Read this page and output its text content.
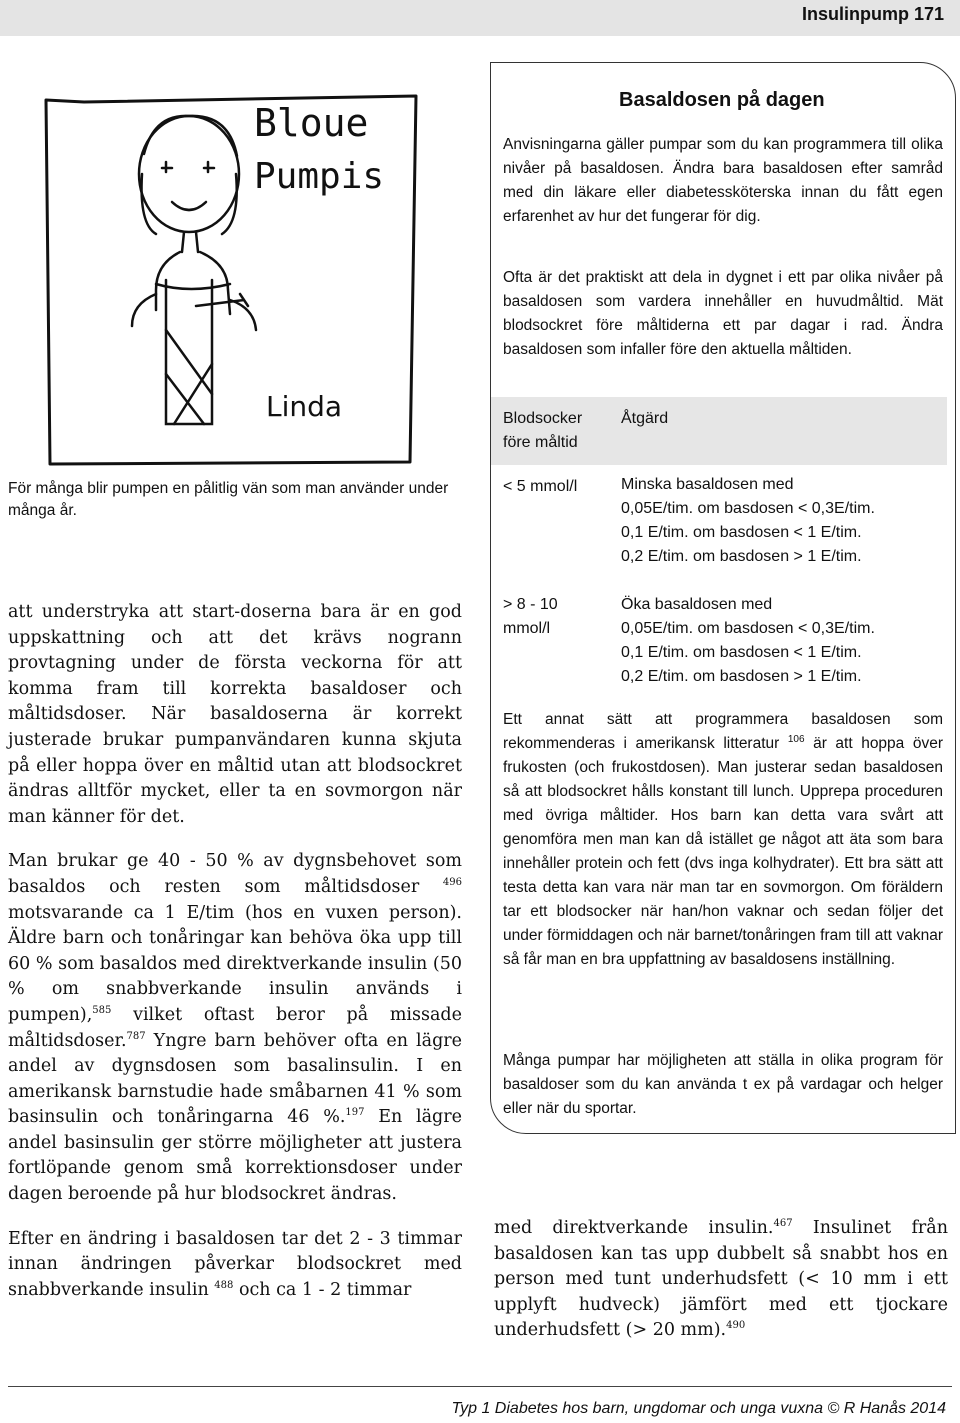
Insulinpump 171
Bloue
Pumpis
Linda
För många blir pumpen en pålitlig vän som man använder under många år.

att understryka att start-doserna bara är en god uppskattning och att det krävs nogrann provtagning under de första veckorna för att komma fram till korrekta basaldoser och måltidsdoser. När basaldoserna är korrekt justerade brukar pumpanvändaren kunna skjuta på eller hoppa över en måltid utan att blodsockret ändras alltför mycket, eller ta en sovmorgon när man känner för det.

Man brukar ge 40 - 50 % av dygnsbehovet som basaldos och resten som måltidsdoser $^{496}$ motsvarande ca 1 E/tim (hos en vuxen person). Äldre barn och tonåringar kan behöva öka upp till 60 % som basaldos med direktverkande insulin (50 % om snabbverkande insulin används i pumpen),$^{585}$ vilket oftast beror på missade måltidsdoser.$^{787}$ Yngre barn behöver ofta en lägre andel av dygnsdosen som basalinsulin. I en amerikansk barnstudie hade småbarnen 41 % som basinsulin och tonåringarna 46 %.$^{197}$ En lägre andel basinsulin ger större möjligheter att justera fortlöpande genom små korrektionsdoser under dagen beroende på hur blodsockret ändras.

Efter en ändring i basaldosen tar det 2 - 3 timmar innan ändringen påverkar blodsockret med snabbverkande insulin $^{488}$ och ca 1 - 2 timmar

Basaldosen på dagen
Anvisningarna gäller pumpar som du kan programmera till olika nivåer på basaldosen. Ändra bara basaldosen efter samråd med din läkare eller diabetessköterska innan du fått egen erfarenhet av hur det fungerar för dig.
Ofta är det praktiskt att dela in dygnet i ett par olika nivåer på basaldosen som vardera innehåller en huvudmåltid. Mät blodsockret före måltiderna ett par dagar i rad. Ändra basaldosen som infaller före den aktuella måltiden.
Blodsocker
före måltid
Åtgärd
< 5 mmol/l	Minska basaldosen med
0,05E/tim. om basdosen < 0,3E/tim.
0,1 E/tim. om basdosen < 1 E/tim.
0,2 E/tim. om basdosen > 1 E/tim.
> 8 - 10
mmol/l
Öka basaldosen med
0,05E/tim. om basdosen < 0,3E/tim.
0,1 E/tim. om basdosen < 1 E/tim.
0,2 E/tim. om basdosen > 1 E/tim.
Ett annat sätt att programmera basaldosen som rekommenderas i amerikansk litteratur $^{106}$ är att hoppa över frukosten (och frukostdosen). Man justerar sedan basaldosen så att blodsockret hålls konstant till lunch. Upprepa proceduren med övriga måltider. Hos barn kan detta vara svårt att genomföra men man kan då istället ge något att äta som bara innehåller protein och fett (dvs inga kolhydrater). Ett bra sätt att testa detta kan vara när man tar en sovmorgon. Om föräldern tar ett blodsocker när han/hon vaknar och sedan följer det under förmiddagen och när barnet/tonåringen fram till att vaknar så får man en bra uppfattning av basaldosens inställning.
Många pumpar har möjligheten att ställa in olika program för basaldoser som du kan använda t ex på vardagar och helger eller när du sportar.
med direktverkande insulin.$^{467}$ Insulinet från basaldosen kan tas upp dubbelt så snabbt hos en person med tunt underhudsfett (< 10 mm i ett upplyft hudveck) jämfört med ett tjockare underhudsfett (> 20 mm).$^{490}$
Typ 1 Diabetes hos barn, ungdomar och unga vuxna © R Hanås 2014
